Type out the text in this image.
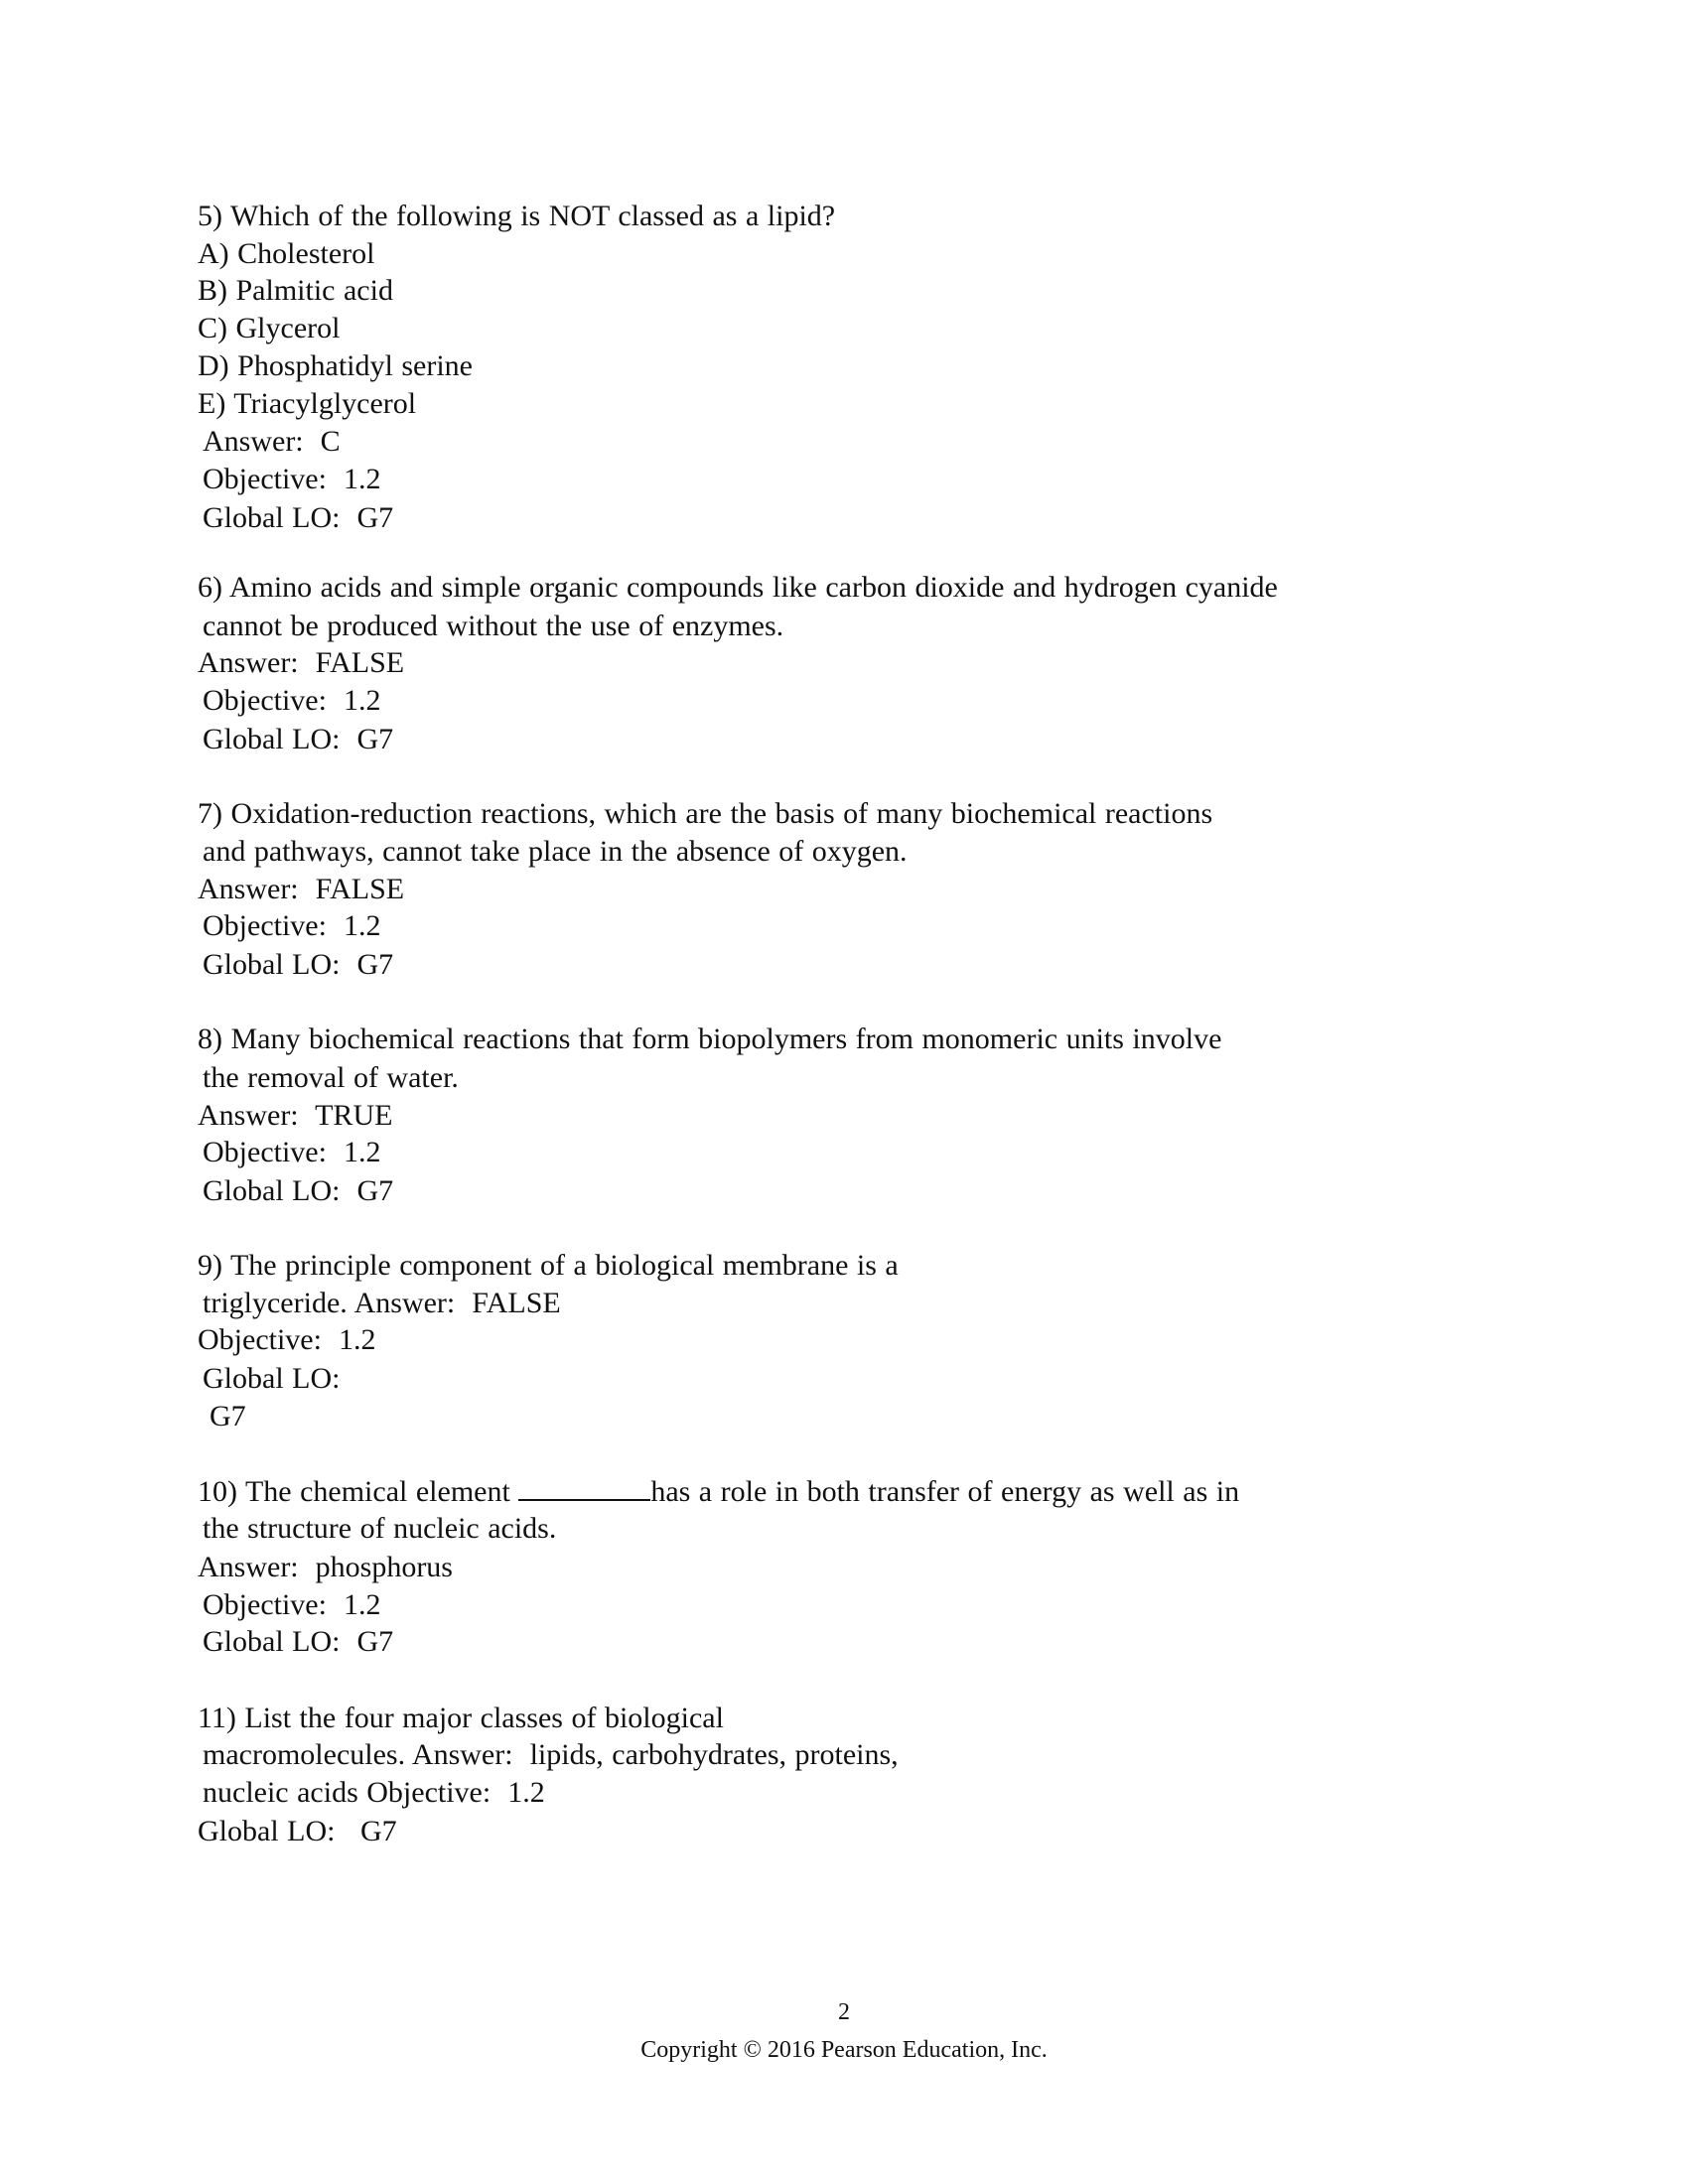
5) Which of the following is NOT classed as a lipid?
A) Cholesterol
B) Palmitic acid
C) Glycerol
D) Phosphatidyl serine
E) Triacylglycerol
Answer:  C
Objective:  1.2
Global LO:  G7
6) Amino acids and simple organic compounds like carbon dioxide and hydrogen cyanide
cannot be produced without the use of enzymes.
Answer:  FALSE
Objective:  1.2
Global LO:  G7
7) Oxidation-reduction reactions, which are the basis of many biochemical reactions
and pathways, cannot take place in the absence of oxygen.
Answer:  FALSE
Objective:  1.2
Global LO:  G7
8) Many biochemical reactions that form biopolymers from monomeric units involve
the removal of water.
Answer:  TRUE
Objective:  1.2
Global LO:  G7
9) The principle component of a biological membrane is a
triglyceride. Answer:  FALSE
Objective:  1.2
Global LO:
G7
10) The chemical element	has a role in both transfer of energy as well as in
the structure of nucleic acids.
Answer:  phosphorus
Objective:  1.2
Global LO:  G7
11) List the four major classes of biological
macromolecules. Answer:  lipids, carbohydrates, proteins,
nucleic acids Objective:  1.2
Global LO:   G7
2
Copyright © 2016 Pearson Education, Inc.
